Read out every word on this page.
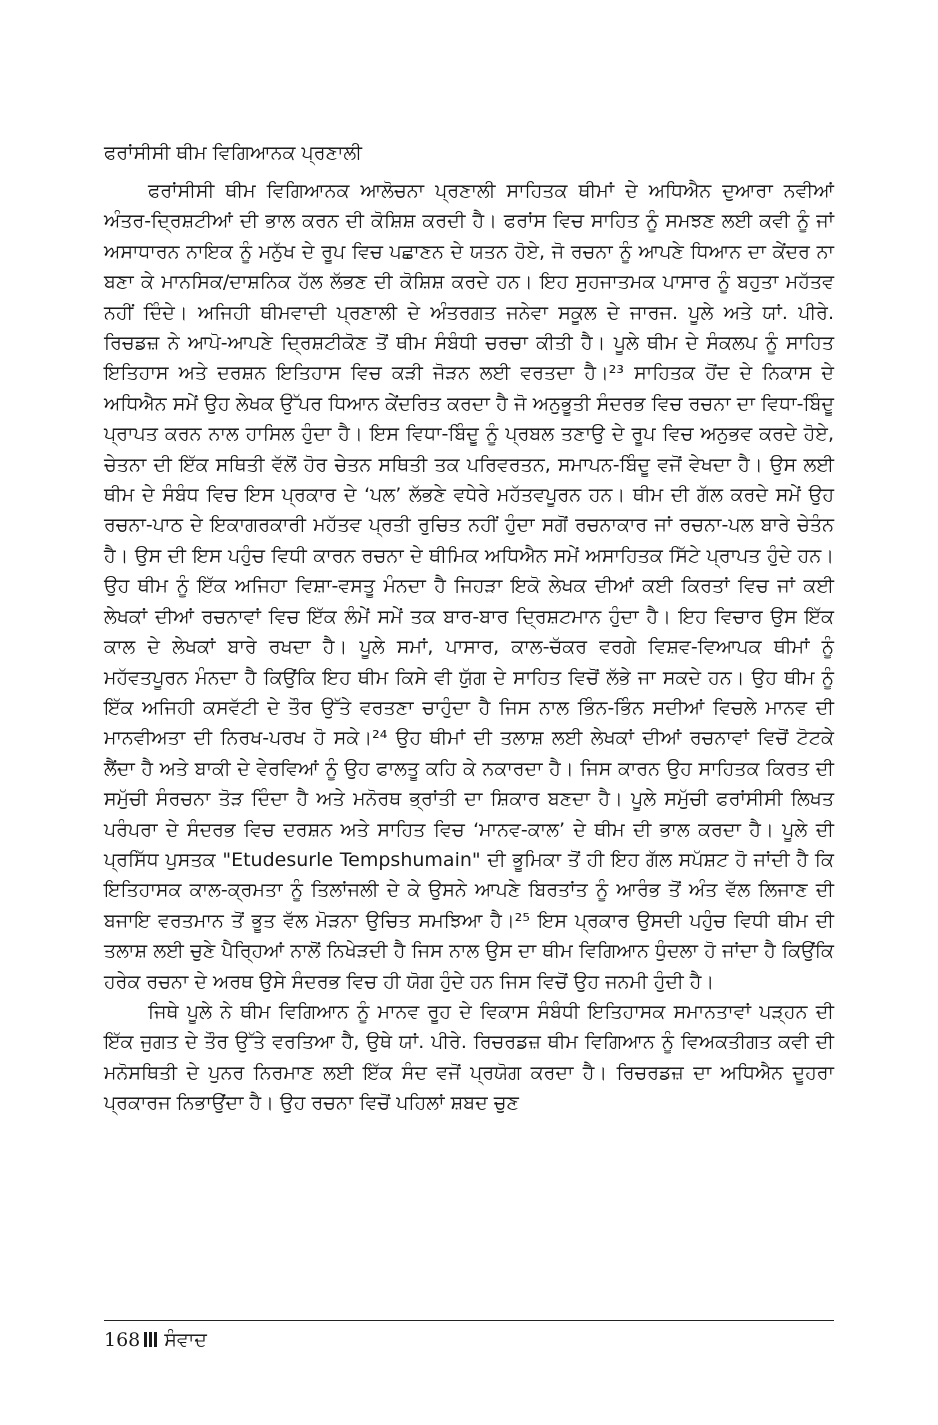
ਫਰਾਂਸੀਸੀ ਥੀਮ ਵਿਗਿਆਨਕ ਪ੍ਰਣਾਲੀ

ਫਰਾਂਸੀਸੀ ਥੀਮ ਵਿਗਿਆਨਕ ਆਲੋਚਨਾ ਪ੍ਰਣਾਲੀ ਸਾਹਿਤਕ ਥੀਮਾਂ ਦੇ ਅਧਿਐਨ ਦੁਆਰਾ ਨਵੀਆਂ ਅੰਤਰ-ਦ੍ਰਿਸ਼ਟੀਆਂ ਦੀ ਭਾਲ ਕਰਨ ਦੀ ਕੋਸ਼ਿਸ਼ ਕਰਦੀ ਹੈ। ਫਰਾਂਸ ਵਿਚ ਸਾਹਿਤ ਨੂੰ ਸਮਝਣ ਲਈ ਕਵੀ ਨੂੰ ਜਾਂ ਅਸਾਧਾਰਨ ਨਾਇਕ ਨੂੰ ਮਨੁੱਖ ਦੇ ਰੂਪ ਵਿਚ ਪਛਾਣਨ ਦੇ ਯਤਨ ਹੋਏ, ਜੋ ਰਚਨਾ ਨੂੰ ਆਪਣੇ ਧਿਆਨ ਦਾ ਕੇਂਦਰ ਨਾ ਬਣਾ ਕੇ ਮਾਨਸਿਕ/ਦਾਸ਼ਨਿਕ ਹੱਲ ਲੱਭਣ ਦੀ ਕੋਸ਼ਿਸ਼ ਕਰਦੇ ਹਨ। ਇਹ ਸੁਹਜਾਤਮਕ ਪਾਸਾਰ ਨੂੰ ਬਹੁਤਾ ਮਹੱਤਵ ਨਹੀਂ ਦਿੰਦੇ। ਅਜਿਹੀ ਥੀਮਵਾਦੀ ਪ੍ਰਣਾਲੀ ਦੇ ਅੰਤਰਗਤ ਜਨੇਵਾ ਸਕੂਲ ਦੇ ਜਾਰਜ. ਪੂਲੇ ਅਤੇ ਯਾਂ. ਪੀਰੇ. ਰਿਚਡਜ਼ ਨੇ ਆਪੋ-ਆਪਣੇ ਦ੍ਰਿਸ਼ਟੀਕੋਣ ਤੋਂ ਥੀਮ ਸੰਬੰਧੀ ਚਰਚਾ ਕੀਤੀ ਹੈ। ਪੂਲੇ ਥੀਮ ਦੇ ਸੰਕਲਪ ਨੂੰ ਸਾਹਿਤ ਇਤਿਹਾਸ ਅਤੇ ਦਰਸ਼ਨ ਇਤਿਹਾਸ ਵਿਚ ਕੜੀ ਜੋੜਨ ਲਈ ਵਰਤਦਾ ਹੈ।²³ ਸਾਹਿਤਕ ਹੋਂਦ ਦੇ ਨਿਕਾਸ ਦੇ ਅਧਿਐਨ ਸਮੇਂ ਉਹ ਲੇਖਕ ਉੱਪਰ ਧਿਆਨ ਕੇਂਦਰਿਤ ਕਰਦਾ ਹੈ ਜੋ ਅਨੁਭੂਤੀ ਸੰਦਰਭ ਵਿਚ ਰਚਨਾ ਦਾ ਵਿਧਾ-ਬਿੰਦੂ ਪ੍ਰਾਪਤ ਕਰਨ ਨਾਲ ਹਾਸਿਲ ਹੁੰਦਾ ਹੈ। ਇਸ ਵਿਧਾ-ਬਿੰਦੂ ਨੂੰ ਪ੍ਰਬਲ ਤਣਾਉ ਦੇ ਰੂਪ ਵਿਚ ਅਨੁਭਵ ਕਰਦੇ ਹੋਏ, ਚੇਤਨਾ ਦੀ ਇੱਕ ਸਥਿਤੀ ਵੱਲੋਂ ਹੋਰ ਚੇਤਨ ਸਥਿਤੀ ਤਕ ਪਰਿਵਰਤਨ, ਸਮਾਪਨ-ਬਿੰਦੂ ਵਜੋਂ ਵੇਖਦਾ ਹੈ। ਉਸ ਲਈ ਥੀਮ ਦੇ ਸੰਬੰਧ ਵਿਚ ਇਸ ਪ੍ਰਕਾਰ ਦੇ ‘ਪਲ’ ਲੱਭਣੇ ਵਧੇਰੇ ਮਹੱਤਵਪੂਰਨ ਹਨ। ਥੀਮ ਦੀ ਗੱਲ ਕਰਦੇ ਸਮੇਂ ਉਹ ਰਚਨਾ-ਪਾਠ ਦੇ ਇਕਾਗਰਕਾਰੀ ਮਹੱਤਵ ਪ੍ਰਤੀ ਰੁਚਿਤ ਨਹੀਂ ਹੁੰਦਾ ਸਗੋਂ ਰਚਨਾਕਾਰ ਜਾਂ ਰਚਨਾ-ਪਲ ਬਾਰੇ ਚੇਤੰਨ ਹੈ। ਉਸ ਦੀ ਇਸ ਪਹੁੰਚ ਵਿਧੀ ਕਾਰਨ ਰਚਨਾ ਦੇ ਥੀਮਿਕ ਅਧਿਐਨ ਸਮੇਂ ਅਸਾਹਿਤਕ ਸਿੱਟੇ ਪ੍ਰਾਪਤ ਹੁੰਦੇ ਹਨ। ਉਹ ਥੀਮ ਨੂੰ ਇੱਕ ਅਜਿਹਾ ਵਿਸ਼ਾ-ਵਸਤੂ ਮੰਨਦਾ ਹੈ ਜਿਹੜਾ ਇਕੋ ਲੇਖਕ ਦੀਆਂ ਕਈ ਕਿਰਤਾਂ ਵਿਚ ਜਾਂ ਕਈ ਲੇਖਕਾਂ ਦੀਆਂ ਰਚਨਾਵਾਂ ਵਿਚ ਇੱਕ ਲੰਮੇਂ ਸਮੇਂ ਤਕ ਬਾਰ-ਬਾਰ ਦ੍ਰਿਸ਼ਟਮਾਨ ਹੁੰਦਾ ਹੈ। ਇਹ ਵਿਚਾਰ ਉਸ ਇੱਕ ਕਾਲ ਦੇ ਲੇਖਕਾਂ ਬਾਰੇ ਰਖਦਾ ਹੈ। ਪੂਲੇ ਸਮਾਂ, ਪਾਸਾਰ, ਕਾਲ-ਚੱਕਰ ਵਰਗੇ ਵਿਸ਼ਵ-ਵਿਆਪਕ ਥੀਮਾਂ ਨੂੰ ਮਹੱਵਤਪੂਰਨ ਮੰਨਦਾ ਹੈ ਕਿਉਂਕਿ ਇਹ ਥੀਮ ਕਿਸੇ ਵੀ ਯੁੱਗ ਦੇ ਸਾਹਿਤ ਵਿਚੋਂ ਲੱਭੇ ਜਾ ਸਕਦੇ ਹਨ। ਉਹ ਥੀਮ ਨੂੰ ਇੱਕ ਅਜਿਹੀ ਕਸਵੱਟੀ ਦੇ ਤੌਰ ਉੱਤੇ ਵਰਤਣਾ ਚਾਹੁੰਦਾ ਹੈ ਜਿਸ ਨਾਲ ਭਿੰਨ-ਭਿੰਨ ਸਦੀਆਂ ਵਿਚਲੇ ਮਾਨਵ ਦੀ ਮਾਨਵੀਅਤਾ ਦੀ ਨਿਰਖ-ਪਰਖ ਹੋ ਸਕੇ।²⁴ ਉਹ ਥੀਮਾਂ ਦੀ ਤਲਾਸ਼ ਲਈ ਲੇਖਕਾਂ ਦੀਆਂ ਰਚਨਾਵਾਂ ਵਿਚੋਂ ਟੋਟਕੇ ਲੈਂਦਾ ਹੈ ਅਤੇ ਬਾਕੀ ਦੇ ਵੇਰਵਿਆਂ ਨੂੰ ਉਹ ਫਾਲਤੂ ਕਹਿ ਕੇ ਨਕਾਰਦਾ ਹੈ। ਜਿਸ ਕਾਰਨ ਉਹ ਸਾਹਿਤਕ ਕਿਰਤ ਦੀ ਸਮੁੱਚੀ ਸੰਰਚਨਾ ਤੋੜ ਦਿੰਦਾ ਹੈ ਅਤੇ ਮਨੋਰਥ ਭ੍ਰਾਂਤੀ ਦਾ ਸ਼ਿਕਾਰ ਬਣਦਾ ਹੈ। ਪੂਲੇ ਸਮੁੱਚੀ ਫਰਾਂਸੀਸੀ ਲਿਖਤ ਪਰੰਪਰਾ ਦੇ ਸੰਦਰਭ ਵਿਚ ਦਰਸ਼ਨ ਅਤੇ ਸਾਹਿਤ ਵਿਚ ‘ਮਾਨਵ-ਕਾਲ’ ਦੇ ਥੀਮ ਦੀ ਭਾਲ ਕਰਦਾ ਹੈ। ਪੂਲੇ ਦੀ ਪ੍ਰਸਿੱਧ ਪੁਸਤਕ "Etudesurle Tempshumain" ਦੀ ਭੂਮਿਕਾ ਤੋਂ ਹੀ ਇਹ ਗੱਲ ਸਪੱਸ਼ਟ ਹੋ ਜਾਂਦੀ ਹੈ ਕਿ ਇਤਿਹਾਸਕ ਕਾਲ-ਕ੍ਰਮਤਾ ਨੂੰ ਤਿਲਾਂਜਲੀ ਦੇ ਕੇ ਉਸਨੇ ਆਪਣੇ ਬਿਰਤਾਂਤ ਨੂੰ ਆਰੰਭ ਤੋਂ ਅੰਤ ਵੱਲ ਲਿਜਾਣ ਦੀ ਬਜਾਇ ਵਰਤਮਾਨ ਤੋਂ ਭੂਤ ਵੱਲ ਮੋੜਨਾ ਉਚਿਤ ਸਮਝਿਆ ਹੈ।²⁵ ਇਸ ਪ੍ਰਕਾਰ ਉਸਦੀ ਪਹੁੰਚ ਵਿਧੀ ਥੀਮ ਦੀ ਤਲਾਸ਼ ਲਈ ਚੁਣੇ ਪੈਰ੍ਹਿਆਂ ਨਾਲੋਂ ਨਿਖੇੜਦੀ ਹੈ ਜਿਸ ਨਾਲ ਉਸ ਦਾ ਥੀਮ ਵਿਗਿਆਨ ਧੁੰਦਲਾ ਹੋ ਜਾਂਦਾ ਹੈ ਕਿਉਂਕਿ ਹਰੇਕ ਰਚਨਾ ਦੇ ਅਰਥ ਉਸੇ ਸੰਦਰਭ ਵਿਚ ਹੀ ਯੋਗ ਹੁੰਦੇ ਹਨ ਜਿਸ ਵਿਚੋਂ ਉਹ ਜਨਮੀ ਹੁੰਦੀ ਹੈ।

ਜਿਥੇ ਪੂਲੇ ਨੇ ਥੀਮ ਵਿਗਿਆਨ ਨੂੰ ਮਾਨਵ ਰੂਹ ਦੇ ਵਿਕਾਸ ਸੰਬੰਧੀ ਇਤਿਹਾਸਕ ਸਮਾਨਤਾਵਾਂ ਪੜ੍ਹਨ ਦੀ ਇੱਕ ਜੁਗਤ ਦੇ ਤੌਰ ਉੱਤੇ ਵਰਤਿਆ ਹੈ, ਉਥੇ ਯਾਂ. ਪੀਰੇ. ਰਿਚਰਡਜ਼ ਥੀਮ ਵਿਗਿਆਨ ਨੂੰ ਵਿਅਕਤੀਗਤ ਕਵੀ ਦੀ ਮਨੋਸਥਿਤੀ ਦੇ ਪੁਨਰ ਨਿਰਮਾਣ ਲਈ ਇੱਕ ਸੰਦ ਵਜੋਂ ਪ੍ਰਯੋਗ ਕਰਦਾ ਹੈ। ਰਿਚਰਡਜ਼ ਦਾ ਅਧਿਐਨ ਦੂਹਰਾ ਪ੍ਰਕਾਰਜ ਨਿਭਾਉਂਦਾ ਹੈ। ਉਹ ਰਚਨਾ ਵਿਚੋਂ ਪਹਿਲਾਂ ਸ਼ਬਦ ਚੁਣ

168 ਸੰਵਾਦ
